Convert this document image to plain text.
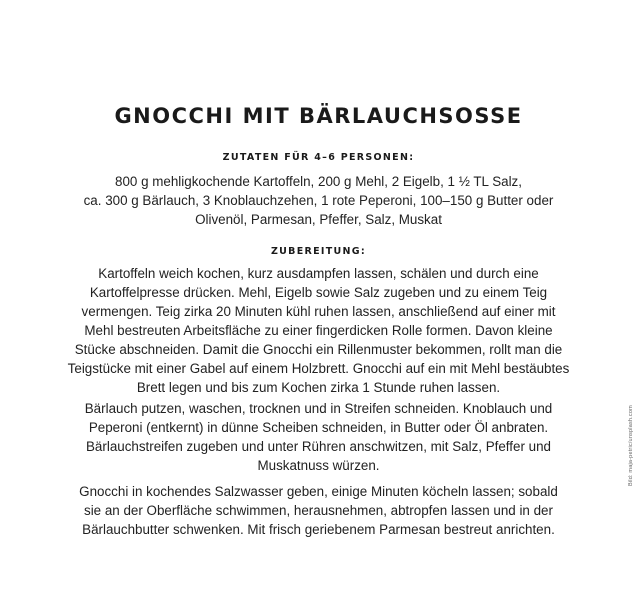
GNOCCHI MIT BÄRLAUCHSOSSE
ZUTATEN FÜR 4–6 PERSONEN:
800 g mehligkochende Kartoffeln, 200 g Mehl, 2 Eigelb, 1 ½ TL Salz,
ca. 300 g Bärlauch, 3 Knoblauchzehen, 1 rote Peperoni, 100–150 g Butter oder
Olivenöl, Parmesan, Pfeffer, Salz, Muskat
ZUBEREITUNG:
Kartoffeln weich kochen, kurz ausdampfen lassen, schälen und durch eine
Kartoffelpresse drücken. Mehl, Eigelb sowie Salz zugeben und zu einem Teig
vermengen. Teig zirka 20 Minuten kühl ruhen lassen, anschließend auf einer mit
Mehl bestreuten Arbeitsfläche zu einer fingerdicken Rolle formen. Davon kleine
Stücke abschneiden. Damit die Gnocchi ein Rillenmuster bekommen, rollt man die
Teigstücke mit einer Gabel auf einem Holzbrett. Gnocchi auf ein mit Mehl bestäubtes
Brett legen und bis zum Kochen zirka 1 Stunde ruhen lassen.
Bärlauch putzen, waschen, trocknen und in Streifen schneiden. Knoblauch und
Peperoni (entkernt) in dünne Scheiben schneiden, in Butter oder Öl anbraten.
Bärlauchstreifen zugeben und unter Rühren anschwitzen, mit Salz, Pfeffer und
Muskatnuss würzen.
Gnocchi in kochendes Salzwasser geben, einige Minuten köcheln lassen; sobald
sie an der Oberfläche schwimmen, herausnehmen, abtropfen lassen und in der
Bärlauchbutter schwenken. Mit frisch geriebenem Parmesan bestreut anrichten.
Bild: maja-petric/unsplash.com
